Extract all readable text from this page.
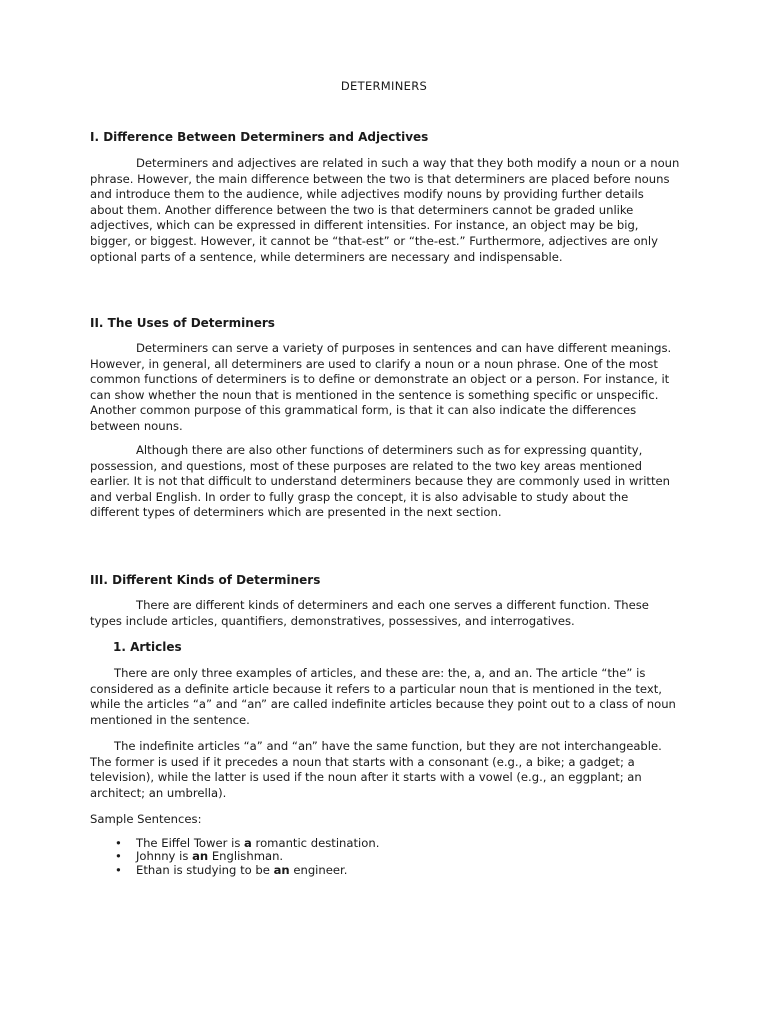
DETERMINERS
I. Difference Between Determiners and Adjectives

Determiners and adjectives are related in such a way that they both modify a noun or a noun phrase. However, the main difference between the two is that determiners are placed before nouns and introduce them to the audience, while adjectives modify nouns by providing further details about them. Another difference between the two is that determiners cannot be graded unlike adjectives, which can be expressed in different intensities. For instance, an object may be big, bigger, or biggest. However, it cannot be “that-est” or “the-est.” Furthermore, adjectives are only optional parts of a sentence, while determiners are necessary and indispensable.

II. The Uses of Determiners

Determiners can serve a variety of purposes in sentences and can have different meanings. However, in general, all determiners are used to clarify a noun or a noun phrase. One of the most common functions of determiners is to define or demonstrate an object or a person. For instance, it can show whether the noun that is mentioned in the sentence is something specific or unspecific. Another common purpose of this grammatical form, is that it can also indicate the differences between nouns.

Although there are also other functions of determiners such as for expressing quantity, possession, and questions, most of these purposes are related to the two key areas mentioned earlier. It is not that difficult to understand determiners because they are commonly used in written and verbal English. In order to fully grasp the concept, it is also advisable to study about the different types of determiners which are presented in the next section.

III. Different Kinds of Determiners

There are different kinds of determiners and each one serves a different function. These types include articles, quantifiers, demonstratives, possessives, and interrogatives.

1. Articles

There are only three examples of articles, and these are: the, a, and an. The article “the” is considered as a definite article because it refers to a particular noun that is mentioned in the text, while the articles “a” and “an” are called indefinite articles because they point out to a class of noun mentioned in the sentence.

The indefinite articles “a” and “an” have the same function, but they are not interchangeable. The former is used if it precedes a noun that starts with a consonant (e.g., a bike; a gadget; a television), while the latter is used if the noun after it starts with a vowel (e.g., an eggplant; an architect; an umbrella).

Sample Sentences:

• The Eiffel Tower is a romantic destination.
• Johnny is an Englishman.
• Ethan is studying to be an engineer.
